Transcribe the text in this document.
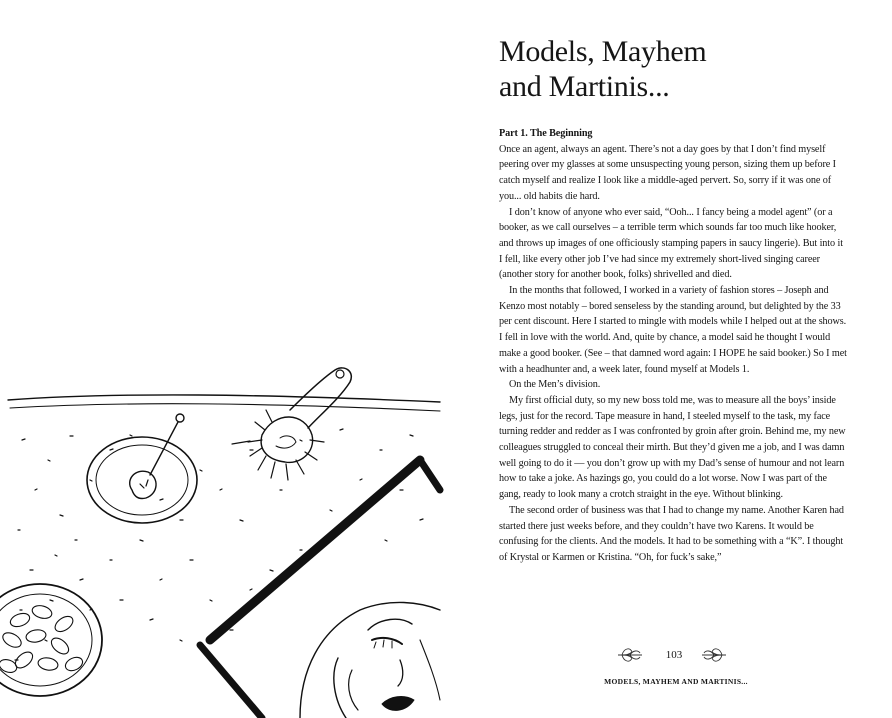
Models, Mayhem
and Martinis...
Part 1. The Beginning

Once an agent, always an agent. There’s not a day goes by that I don’t find myself peering over my glasses at some unsuspecting young person, sizing them up before I catch myself and realize I look like a middle-aged pervert. So, sorry if it was one of you... old habits die hard.

I don’t know of anyone who ever said, “Ooh... I fancy being a model agent” (or a booker, as we call ourselves – a terrible term which sounds far too much like hooker, and throws up images of one officiously stamping papers in saucy lingerie). But into it I fell, like every other job I’ve had since my extremely short-lived singing career (another story for another book, folks) shrivelled and died.

In the months that followed, I worked in a variety of fashion stores – Joseph and Kenzo most notably – bored senseless by the standing around, but delighted by the 33 per cent discount. Here I started to mingle with models while I helped out at the shows. I fell in love with the world. And, quite by chance, a model said he thought I would make a good booker. (See – that damned word again: I HOPE he said booker.) So I met with a headhunter and, a week later, found myself at Models 1.

On the Men’s division.

My first official duty, so my new boss told me, was to measure all the boys’ inside legs, just for the record. Tape measure in hand, I steeled myself to the task, my face turning redder and redder as I was confronted by groin after groin. Behind me, my new colleagues struggled to conceal their mirth. But they’d given me a job, and I was damn well going to do it — you don’t grow up with my Dad’s sense of humour and not learn how to take a joke. As hazings go, you could do a lot worse. Now I was part of the gang, ready to look many a crotch straight in the eye. Without blinking.

The second order of business was that I had to change my name. Another Karen had started there just weeks before, and they couldn’t have two Karens. It would be confusing for the clients. And the models. It had to be something with a “K”. I thought of Krystal or Karmen or Kristina. “Oh, for fuck’s sake,”

103
MODELS, MAYHEM AND MARTINIS...
